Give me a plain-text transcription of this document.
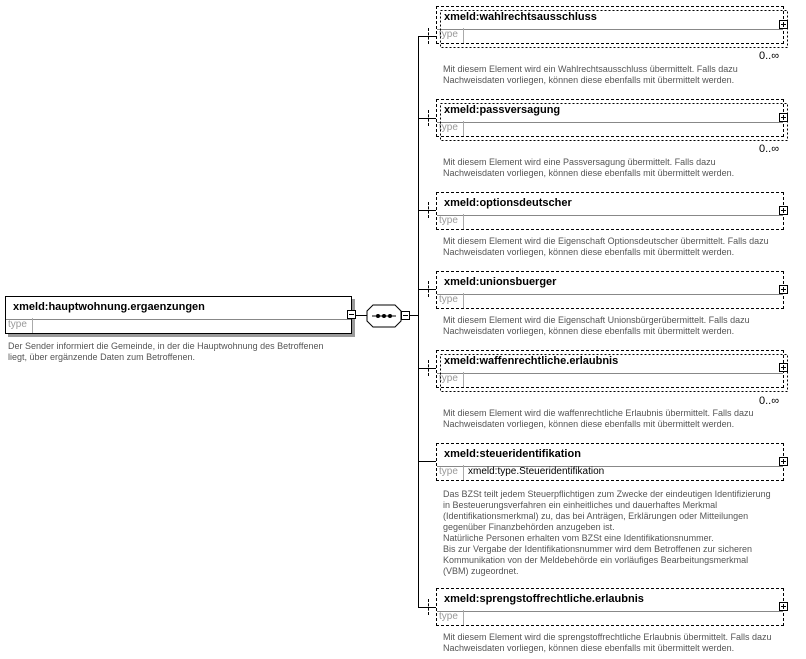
xmeld:hauptwohnung.ergaenzungen
type
Der Sender informiert die Gemeinde, in der die Hauptwohnung des Betroffenen
liegt, über ergänzende Daten zum Betroffenen.
xmeld:wahlrechtsausschluss
type
0..∞
Mit diesem Element wird ein Wahlrechtsausschluss übermittelt. Falls dazu
Nachweisdaten vorliegen, können diese ebenfalls mit übermittelt werden.
xmeld:passversagung
type
0..∞
Mit diesem Element wird eine Passversagung übermittelt. Falls dazu
Nachweisdaten vorliegen, können diese ebenfalls mit übermittelt werden.
xmeld:optionsdeutscher
type
Mit diesem Element wird die Eigenschaft Optionsdeutscher übermittelt. Falls dazu
Nachweisdaten vorliegen, können diese ebenfalls mit übermittelt werden.
xmeld:unionsbuerger
type
Mit diesem Element wird die Eigenschaft Unionsbürgerübermittelt. Falls dazu
Nachweisdaten vorliegen, können diese ebenfalls mit übermittelt werden.
xmeld:waffenrechtliche.erlaubnis
type
0..∞
Mit diesem Element wird die waffenrechtliche Erlaubnis übermittelt. Falls dazu
Nachweisdaten vorliegen, können diese ebenfalls mit übermittelt werden.
xmeld:steueridentifikation
type	xmeld:type.Steueridentifikation
Das BZSt teilt jedem Steuerpflichtigen zum Zwecke der eindeutigen Identifizierung
in Besteuerungsverfahren ein einheitliches und dauerhaftes Merkmal
(Identifikationsmerkmal) zu, das bei Anträgen, Erklärungen oder Mitteilungen
gegenüber Finanzbehörden anzugeben ist.
Natürliche Personen erhalten vom BZSt eine Identifikationsnummer.
Bis zur Vergabe der Identifikationsnummer wird dem Betroffenen zur sicheren
Kommunikation von der Meldebehörde ein vorläufiges Bearbeitungsmerkmal
(VBM) zugeordnet.
xmeld:sprengstoffrechtliche.erlaubnis
type
Mit diesem Element wird die sprengstoffrechtliche Erlaubnis übermittelt. Falls dazu
Nachweisdaten vorliegen, können diese ebenfalls mit übermittelt werden.
